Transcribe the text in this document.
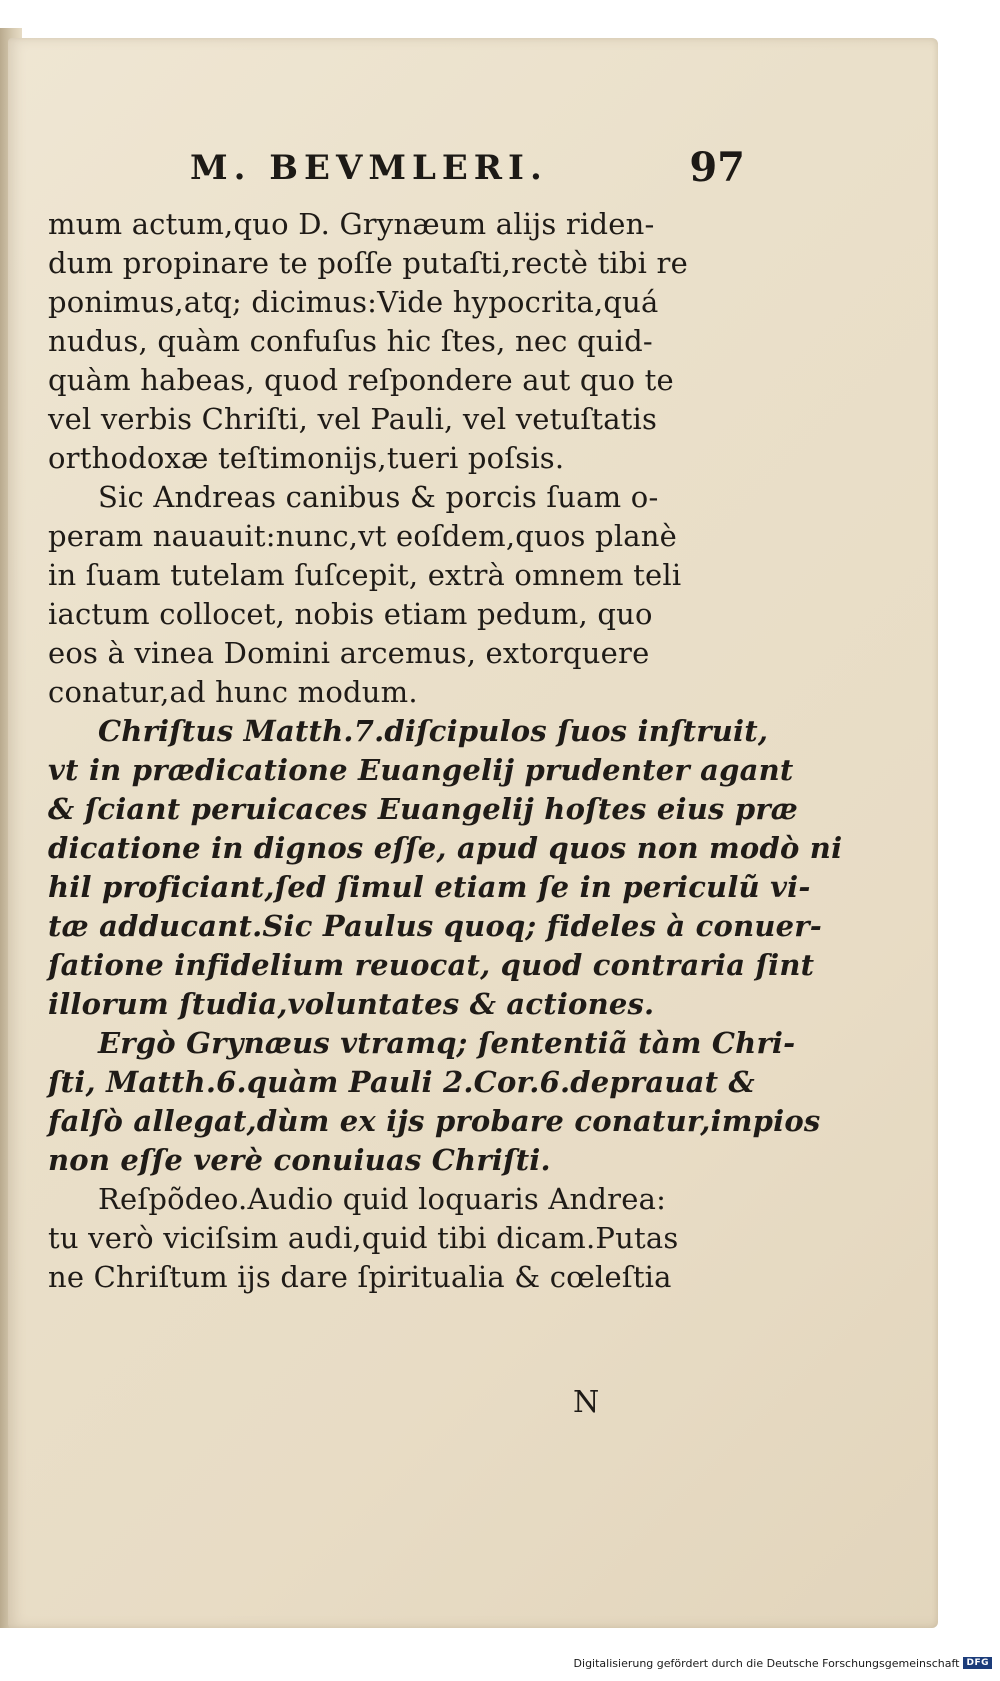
M. BEVMLERI.	97
mum actum,quo D. Grynæum alijs riden-
dum propinare te poſſe putaſti,rectè tibi re
ponimus,atq; dicimus:Vide hypocrita,quá
nudus, quàm confuſus hic ſtes, nec quid-
quàm habeas, quod reſpondere aut quo te
vel verbis Chriſti, vel Pauli, vel vetuſtatis
orthodoxæ teſtimonijs,tueri poſsis.
Sic Andreas canibus & porcis ſuam o-
peram nauauit:nunc,vt eoſdem,quos planè
in ſuam tutelam ſuſcepit, extrà omnem teli
iactum collocet, nobis etiam pedum, quo
eos à vinea Domini arcemus, extorquere
conatur,ad hunc modum.
Chriſtus Matth.7.diſcipulos ſuos inſtruit,
vt in prædicatione Euangelij prudenter agant
& ſciant peruicaces Euangelij hoſtes eius præ
dicatione in dignos eſſe, apud quos non modò ni
hil proficiant,ſed ſimul etiam ſe in periculũ vi-
tæ adducant.Sic Paulus quoq; fideles à conuer-
ſatione infidelium reuocat, quod contraria ſint
illorum ſtudia,voluntates & actiones.
Ergò Grynæus vtramq; ſententiã tàm Chri-
ſti, Matth.6.quàm Pauli 2.Cor.6.deprauat &
falſò allegat,dùm ex ijs probare conatur,impios
non eſſe verè conuiuas Chriſti.
Reſpõdeo.Audio quid loquaris Andrea:
tu verò viciſsim audi,quid tibi dicam.Putas
ne Chriſtum ijs dare ſpiritualia & cœleſtia
N
Digitalisierung gefördert durch die Deutsche Forschungsgemeinschaft DFG
